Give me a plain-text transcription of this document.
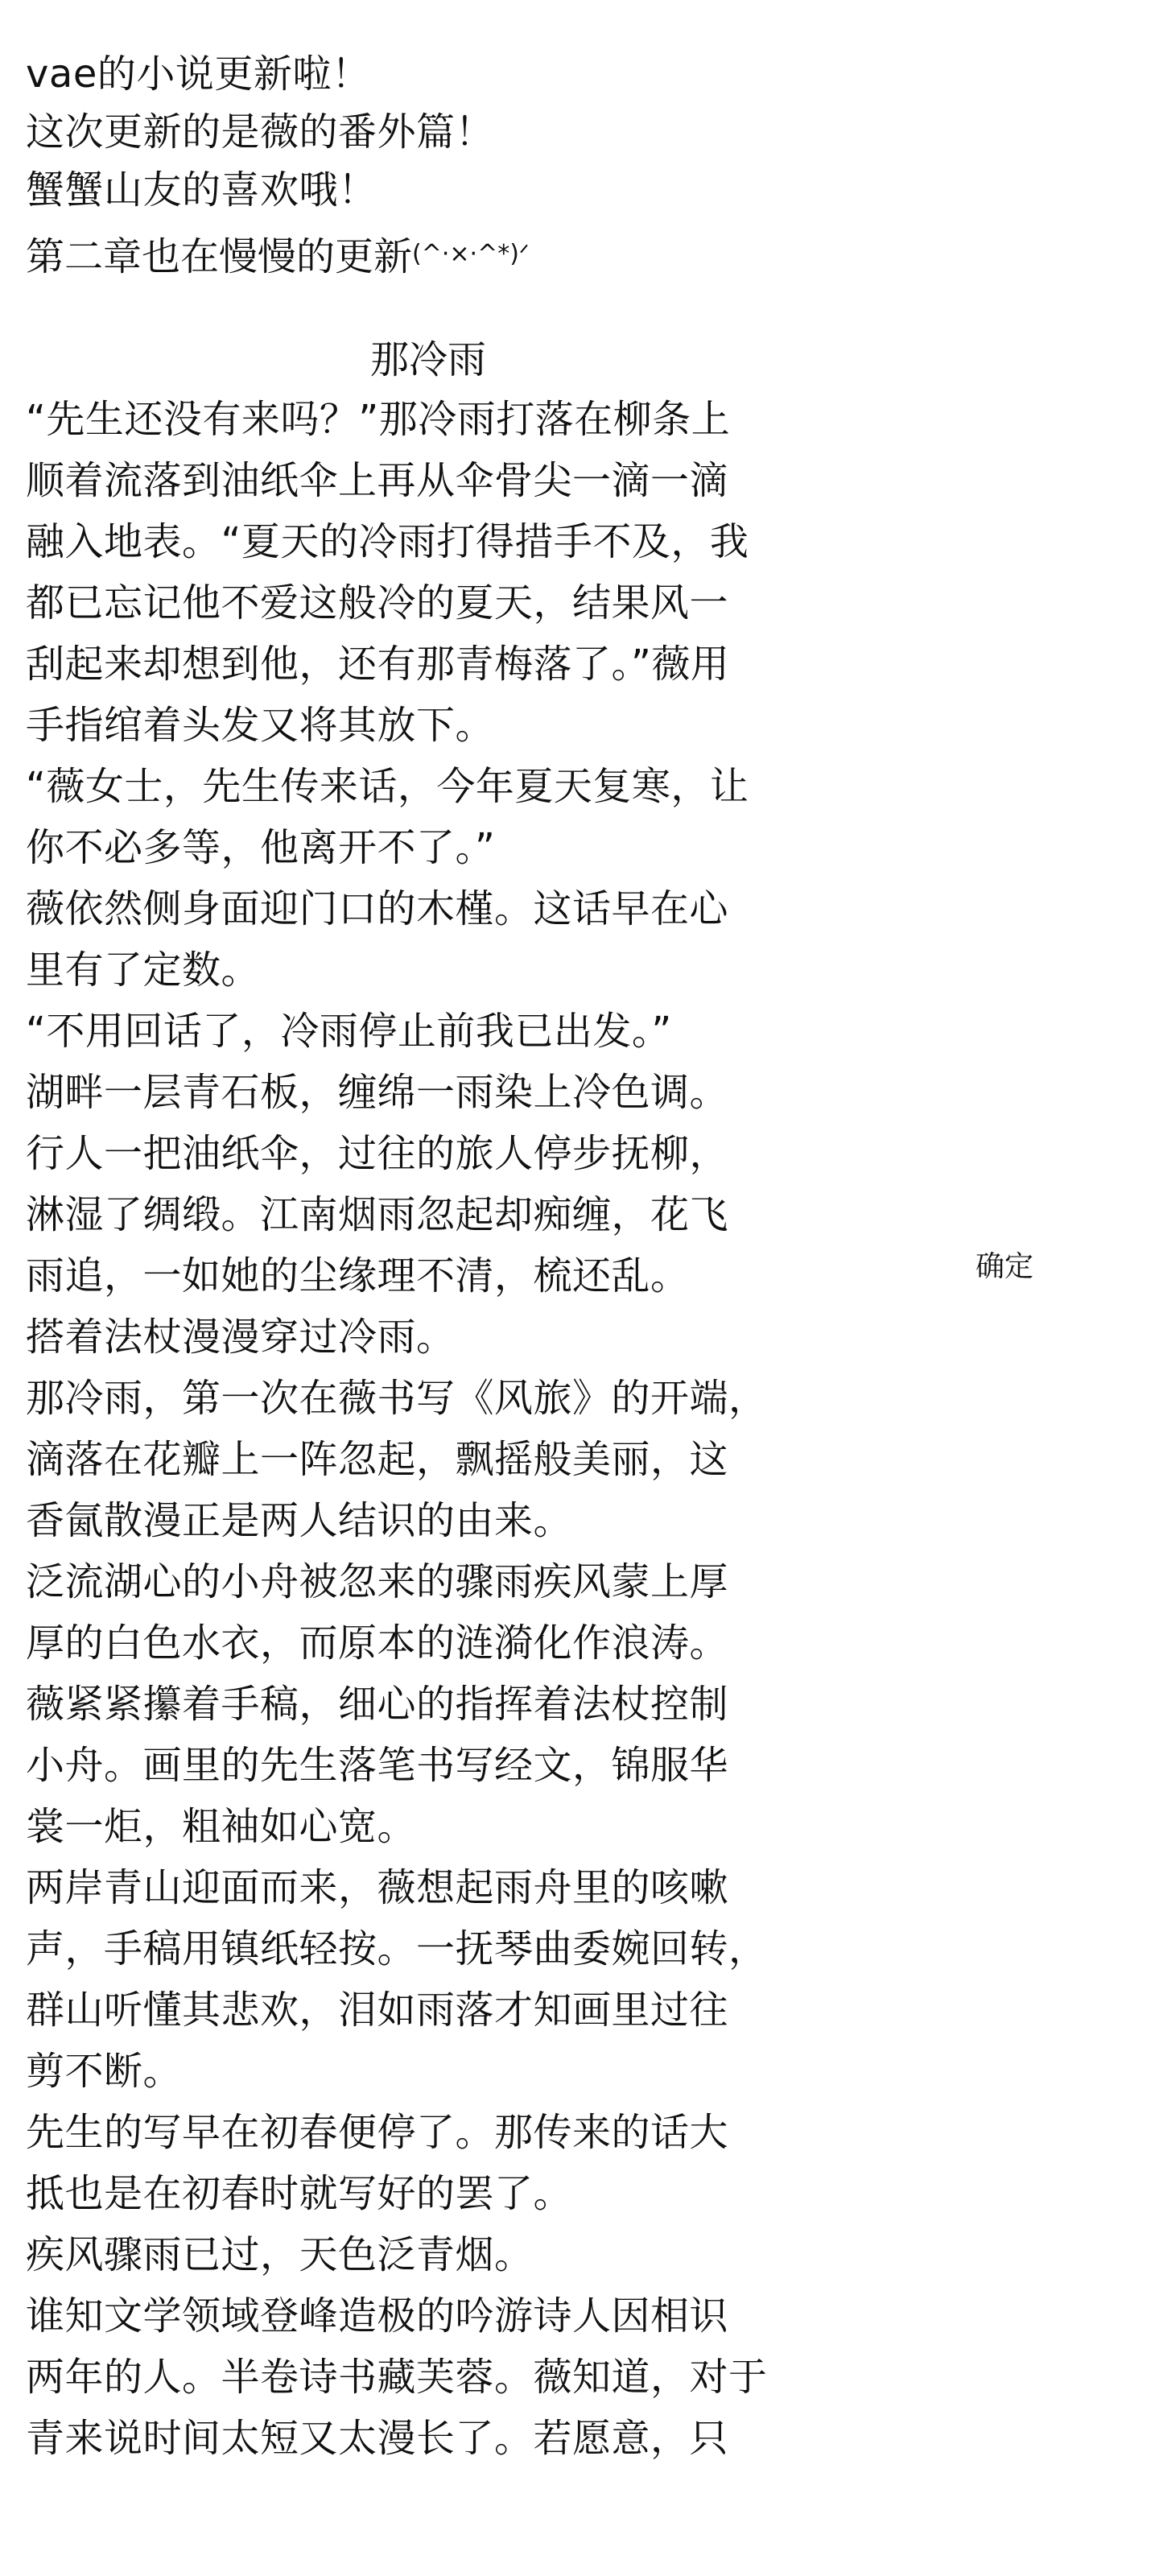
vae的小说更新啦！
这次更新的是薇的番外篇！
蟹蟹山友的喜欢哦！
第二章也在慢慢的更新$^{(\^{}\cdot\times\cdot\^{}*)ᐟ}$
那冷雨
“先生还没有来吗？”那冷雨打落在柳条上
顺着流落到油纸伞上再从伞骨尖一滴一滴
融入地表。“夏天的冷雨打得措手不及，我
都已忘记他不爱这般冷的夏天，结果风一
刮起来却想到他，还有那青梅落了。”薇用
手指绾着头发又将其放下。
“薇女士，先生传来话，今年夏天复寒，让
你不必多等，他离开不了。”
薇依然侧身面迎门口的木槿。这话早在心
里有了定数。
“不用回话了，冷雨停止前我已出发。”
湖畔一层青石板，缠绵一雨染上冷色调。
行人一把油纸伞，过往的旅人停步抚柳，
淋湿了绸缎。江南烟雨忽起却痴缠，花飞
雨追，一如她的尘缘理不清，梳还乱。
搭着法杖漫漫穿过冷雨。
那冷雨，第一次在薇书写《风旅》的开端，
滴落在花瓣上一阵忽起，飘摇般美丽，这
香氤散漫正是两人结识的由来。
泛流湖心的小舟被忽来的骤雨疾风蒙上厚
厚的白色水衣，而原本的涟漪化作浪涛。
薇紧紧攥着手稿，细心的指挥着法杖控制
小舟。画里的先生落笔书写经文，锦服华
裳一炬，粗袖如心宽。
两岸青山迎面而来，薇想起雨舟里的咳嗽
声，手稿用镇纸轻按。一抚琴曲委婉回转，
群山听懂其悲欢，泪如雨落才知画里过往
剪不断。
先生的写早在初春便停了。那传来的话大
抵也是在初春时就写好的罢了。
疾风骤雨已过，天色泛青烟。
谁知文学领域登峰造极的吟游诗人因相识
两年的人。半卷诗书藏芙蓉。薇知道，对于
青来说时间太短又太漫长了。若愿意，只
确定
